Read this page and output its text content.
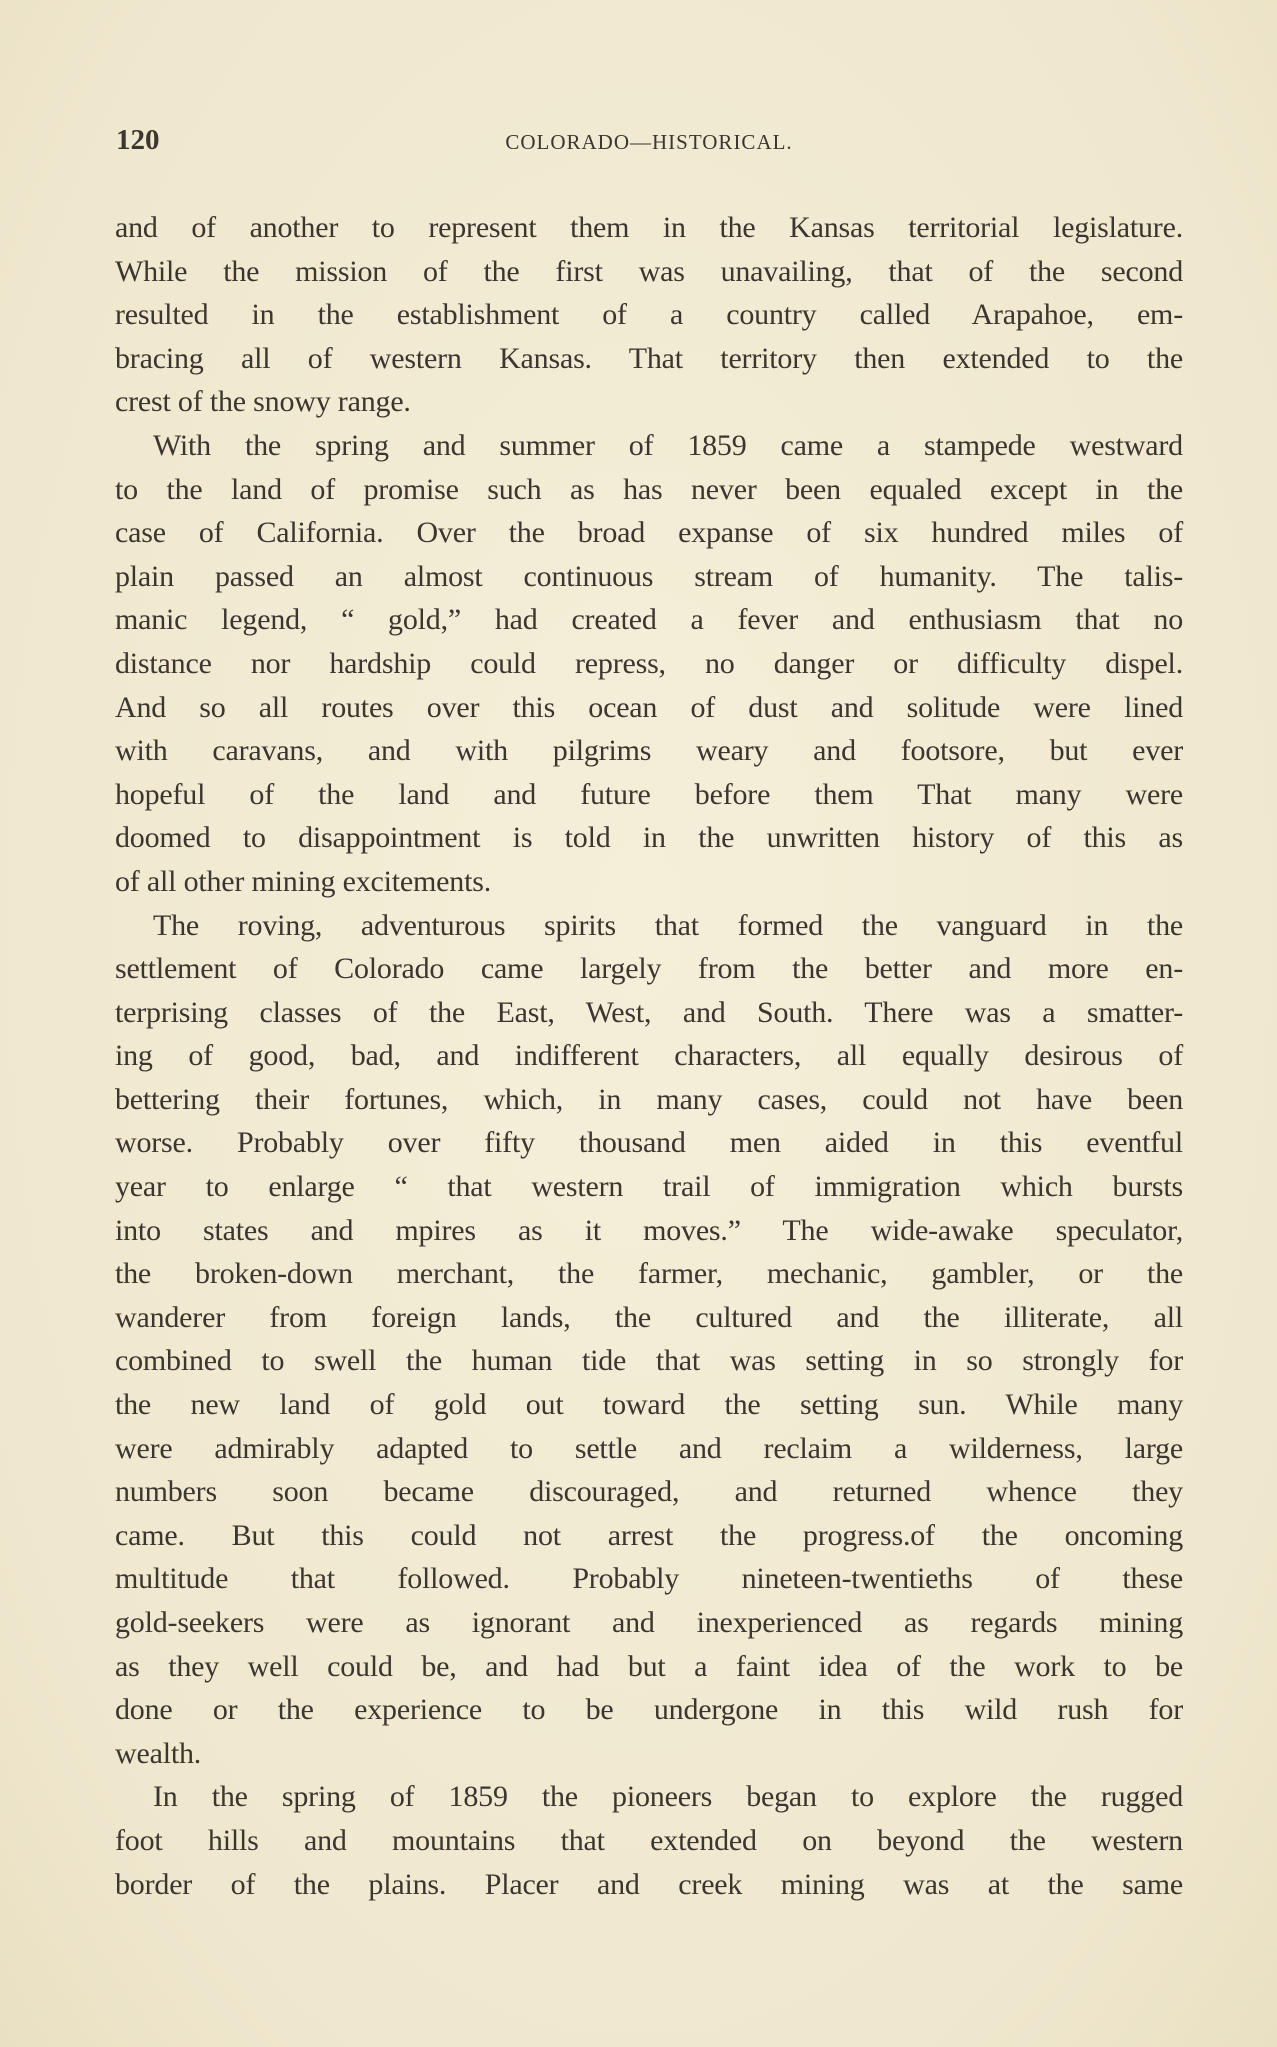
120	COLORADO—HISTORICAL.
and of another to represent them in the Kansas territorial legislature.
While the mission of the first was unavailing, that of the second
resulted in the establishment of a country called Arapahoe, em-
bracing all of western Kansas. That territory then extended to the
crest of the snowy range.
With the spring and summer of 1859 came a stampede westward
to the land of promise such as has never been equaled except in the
case of California. Over the broad expanse of six hundred miles of
plain passed an almost continuous stream of humanity. The talis-
manic legend, “ gold,” had created a fever and enthusiasm that no
distance nor hardship could repress, no danger or difficulty dispel.
And so all routes over this ocean of dust and solitude were lined
with caravans, and with pilgrims weary and footsore, but ever
hopeful of the land and future before them That many were
doomed to disappointment is told in the unwritten history of this as
of all other mining excitements.
The roving, adventurous spirits that formed the vanguard in the
settlement of Colorado came largely from the better and more en-
terprising classes of the East, West, and South. There was a smatter-
ing of good, bad, and indifferent characters, all equally desirous of
bettering their fortunes, which, in many cases, could not have been
worse. Probably over fifty thousand men aided in this eventful
year to enlarge “ that western trail of immigration which bursts
into states and mpires as it moves.” The wide-awake speculator,
the broken-down merchant, the farmer, mechanic, gambler, or the
wanderer from foreign lands, the cultured and the illiterate, all
combined to swell the human tide that was setting in so strongly for
the new land of gold out toward the setting sun. While many
were admirably adapted to settle and reclaim a wilderness, large
numbers soon became discouraged, and returned whence they
came. But this could not arrest the progress.of the oncoming
multitude that followed. Probably nineteen-twentieths of these
gold-seekers were as ignorant and inexperienced as regards mining
as they well could be, and had but a faint idea of the work to be
done or the experience to be undergone in this wild rush for
wealth.
In the spring of 1859 the pioneers began to explore the rugged
foot hills and mountains that extended on beyond the western
border of the plains. Placer and creek mining was at the same
